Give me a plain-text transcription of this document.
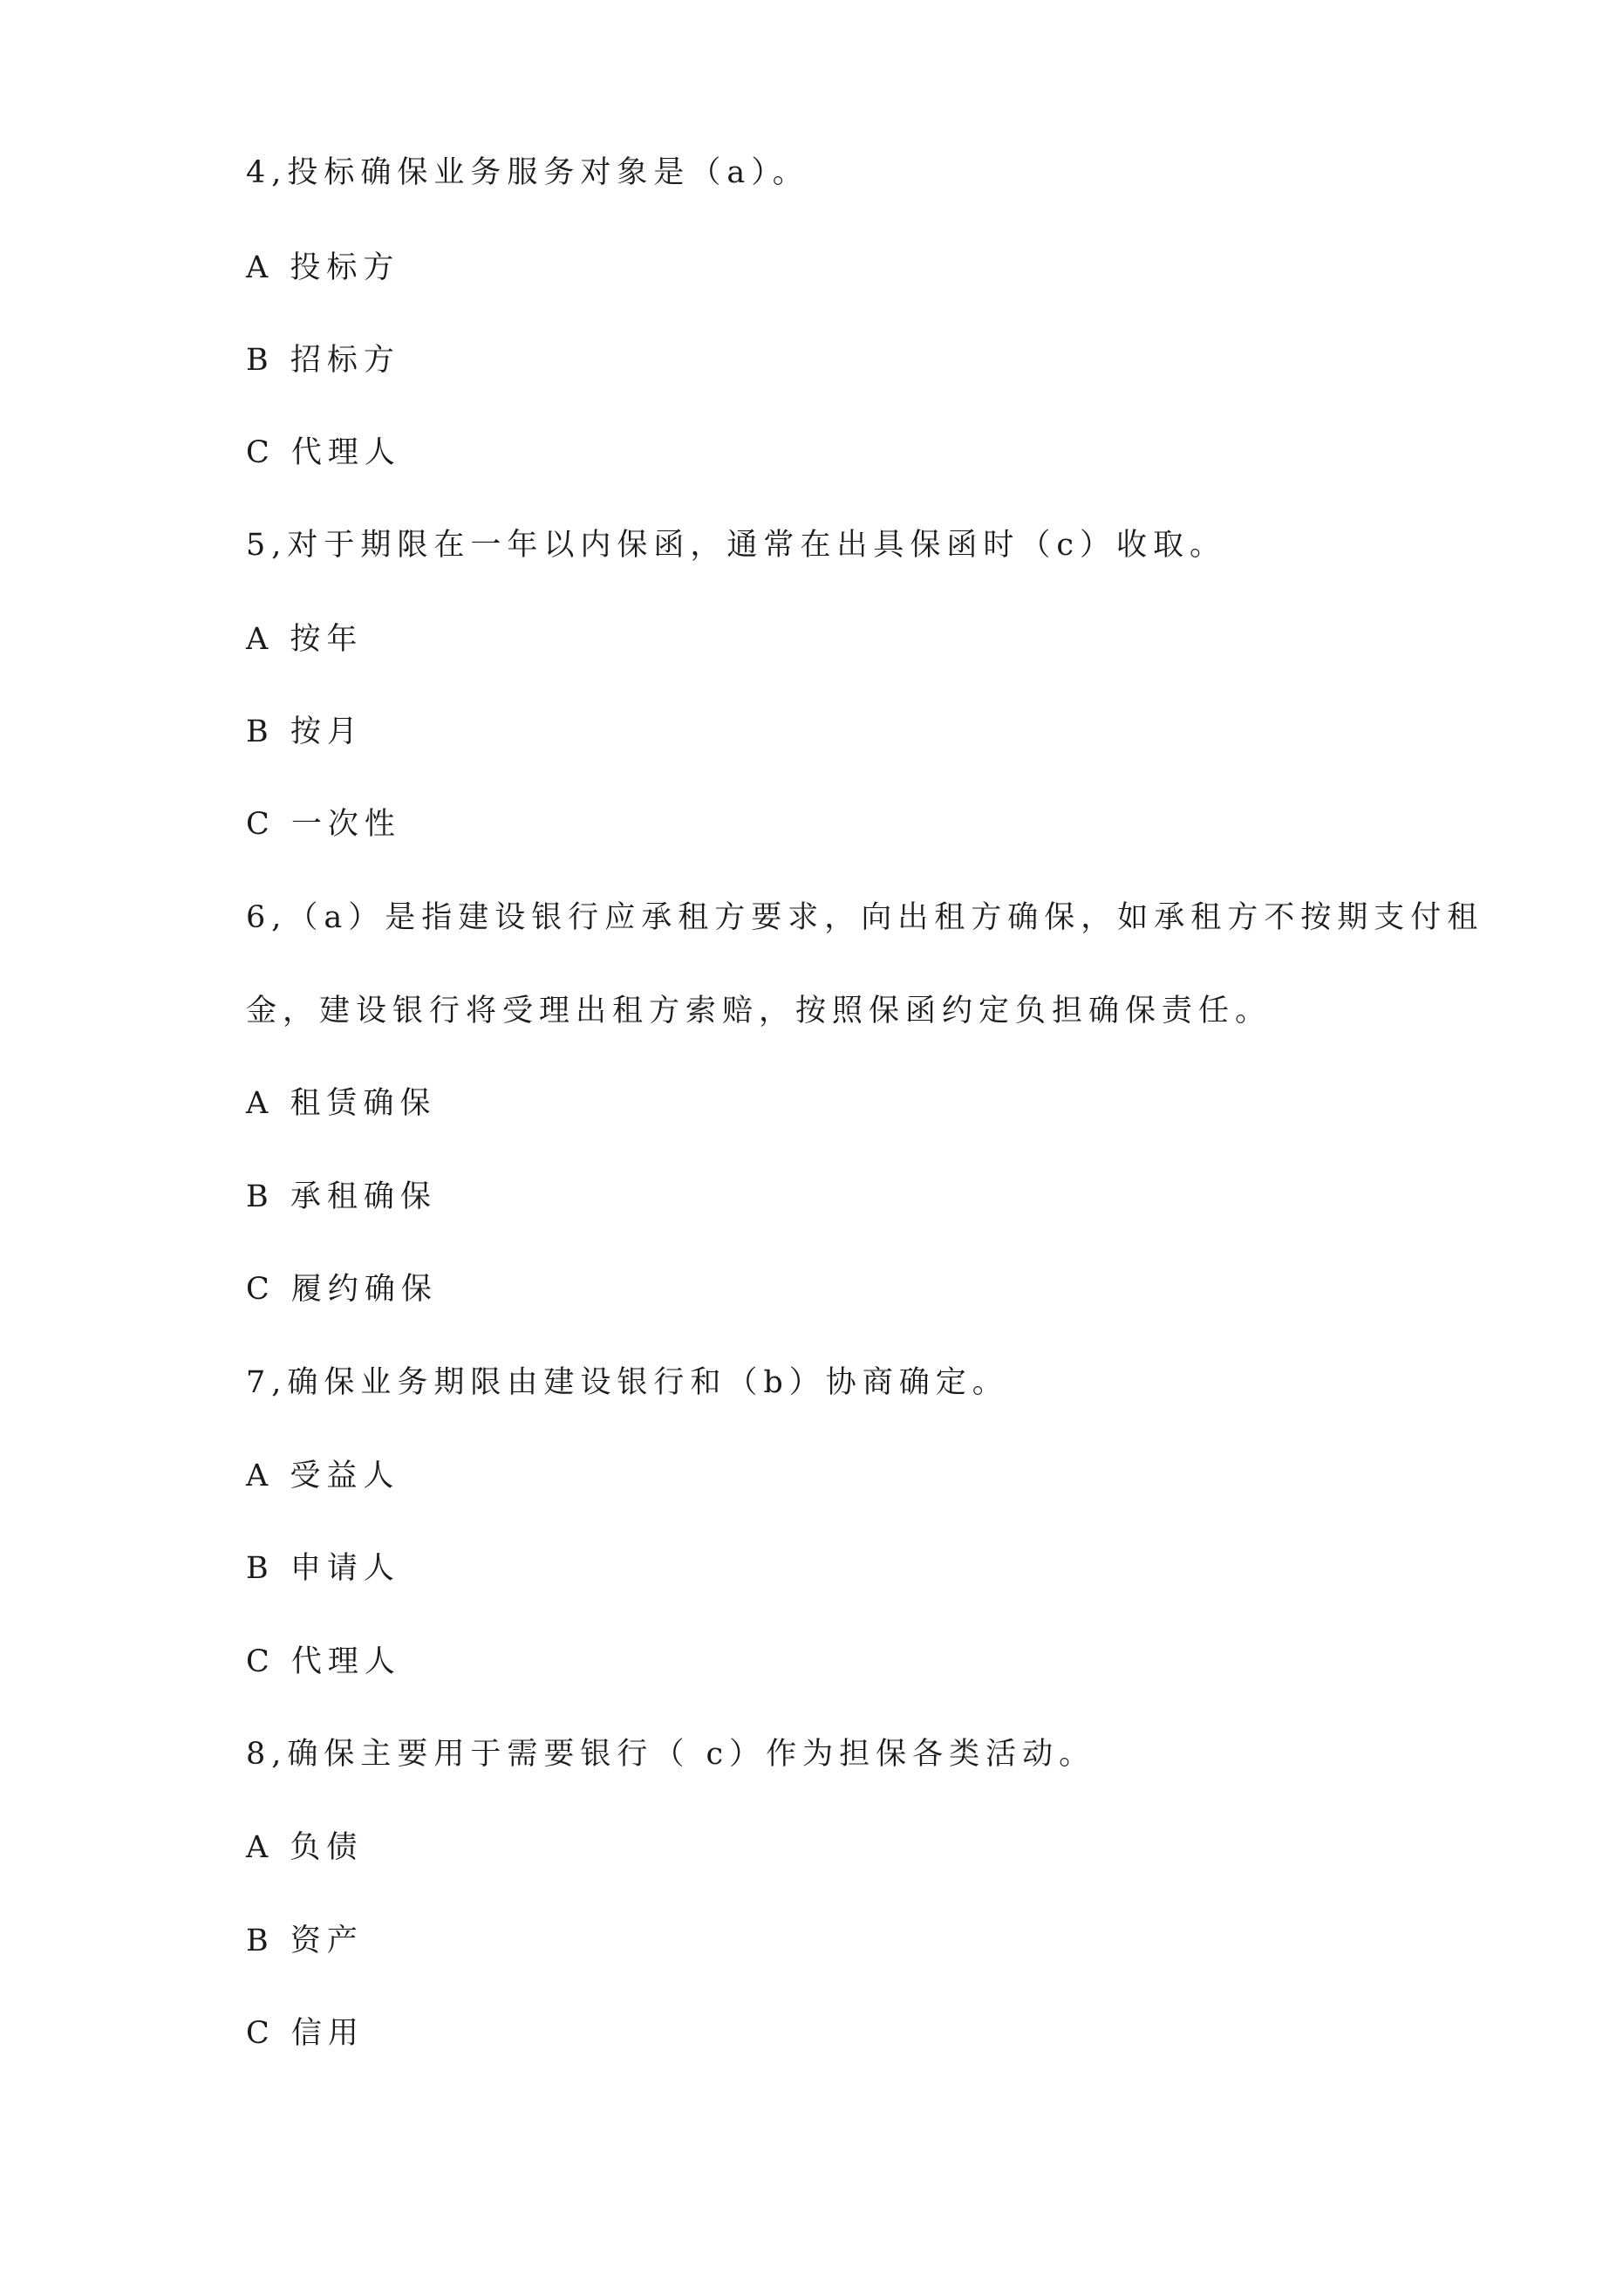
4,投标确保业务服务对象是（a）。
A 投标方
B 招标方
C 代理人
5,对于期限在一年以内保函，通常在出具保函时（c）收取。
A 按年
B 按月
C 一次性
6,（a）是指建设银行应承租方要求，向出租方确保，如承租方不按期支付租
金，建设银行将受理出租方索赔，按照保函约定负担确保责任。
A 租赁确保
B 承租确保
C 履约确保
7,确保业务期限由建设银行和（b）协商确定。
A 受益人
B 申请人
C 代理人
8,确保主要用于需要银行（ c）作为担保各类活动。
A 负债
B 资产
C 信用
